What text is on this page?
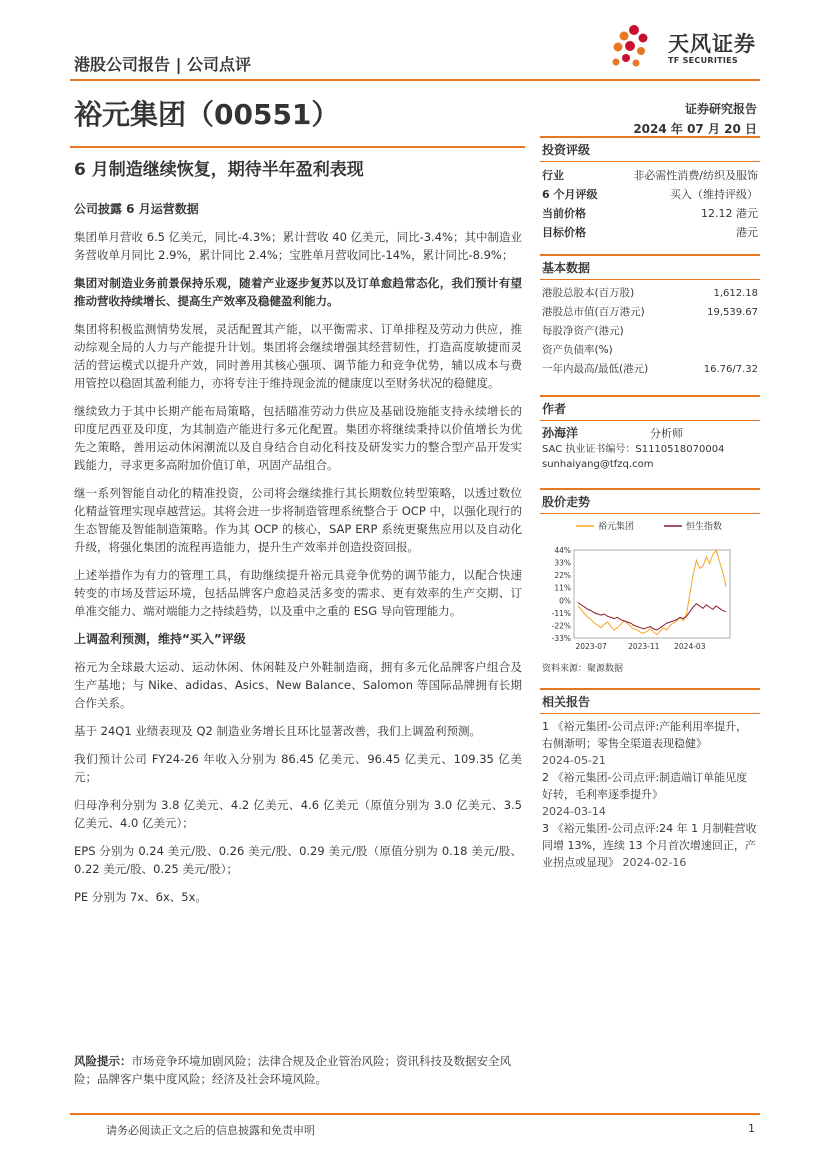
港股公司报告 | 公司点评
天风证券
TF SECURITIES
裕元集团（00551）	证券研究报告
2024 年 07 月 20 日
6 月制造继续恢复，期待半年盈利表现
公司披露 6 月运营数据

集团单月营收 6.5 亿美元，同比-4.3%；累计营收 40 亿美元，同比-3.4%；其中制造业务营收单月同比 2.9%，累计同比 2.4%；宝胜单月营收同比-14%，累计同比-8.9%；

集团对制造业务前景保持乐观，随着产业逐步复苏以及订单愈趋常态化，我们预计有望推动营收持续增长、提高生产效率及稳健盈利能力。

集团将积极监测情势发展，灵活配置其产能，以平衡需求、订单排程及劳动力供应，推动综观全局的人力与产能提升计划。集团将会继续增强其经营韧性，打造高度敏捷而灵活的营运模式以提升产效，同时善用其核心强项、调节能力和竞争优势，辅以成本与费用管控以稳固其盈利能力，亦将专注于维持现金流的健康度以至财务状况的稳健度。

继续致力于其中长期产能布局策略，包括瞄准劳动力供应及基础设施能支持永续增长的印度尼西亚及印度，为其制造产能进行多元化配置。集团亦将继续秉持以价值增长为优先之策略，善用运动休闲潮流以及自身结合自动化科技及研发实力的整合型产品开发实践能力，寻求更多高附加价值订单，巩固产品组合。

继一系列智能自动化的精准投资，公司将会继续推行其长期数位转型策略，以透过数位化精益管理实现卓越营运。其将会进一步将制造管理系统整合于 OCP 中，以强化现行的生态智能及智能制造策略。作为其 OCP 的核心，SAP ERP 系统更聚焦应用以及自动化升级，将强化集团的流程再造能力，提升生产效率并创造投资回报。

上述举措作为有力的管理工具，有助继续提升裕元具竞争优势的调节能力，以配合快速转变的市场及营运环境，包括品牌客户愈趋灵活多变的需求、更有效率的生产交期、订单准交能力、端对端能力之持续趋势，以及重中之重的 ESG 导向管理能力。

上调盈利预测，维持“买入”评级

裕元为全球最大运动、运动休闲、休闲鞋及户外鞋制造商，拥有多元化品牌客户组合及生产基地；与 Nike、adidas、Asics、New Balance、Salomon 等国际品牌拥有长期合作关系。

基于 24Q1 业绩表现及 Q2 制造业务增长且环比显著改善，我们上调盈利预测。

我们预计公司 FY24-26 年收入分别为 86.45 亿美元、96.45 亿美元、109.35 亿美元；

归母净利分别为 3.8 亿美元、4.2 亿美元、4.6 亿美元（原值分别为 3.0 亿美元、3.5 亿美元、4.0 亿美元）；

EPS 分别为 0.24 美元/股、0.26 美元/股、0.29 美元/股（原值分别为 0.18 美元/股、0.22 美元/股、0.25 美元/股）；

PE 分别为 7x、6x、5x。

风险提示：市场竞争环境加剧风险；法律合规及企业管治风险；资讯科技及数据安全风险；品牌客户集中度风险；经济及社会环境风险。
投资评级
行业	非必需性消费/纺织及服饰
6 个月评级	买入（维持评级）
当前价格	12.12 港元
目标价格	港元
基本数据
港股总股本(百万股)	1,612.18
港股总市值(百万港元)	19,539.67
每股净资产(港元)
资产负债率(%)
一年内最高/最低(港元)	16.76/7.32
作者
孙海洋	分析师
SAC 执业证书编号：S1110518070004
sunhaiyang@tfzq.com
股价走势
裕元集团	恒生指数
44%
33%
22%
11%
0%
-11%
-22%
-33%
2023-07	2023-11 2024-03
资料来源：聚源数据
相关报告
1 《裕元集团-公司点评:产能利用率提升，右侧渐明；零售全渠道表现稳健》
2024-05-21
2 《裕元集团-公司点评:制造端订单能见度好转，毛利率逐季提升》
2024-03-14
3 《裕元集团-公司点评:24 年 1 月制鞋营收同增 13%，连续 13 个月首次增速回正，产业拐点或显现》 2024-02-16
请务必阅读正文之后的信息披露和免责申明	1
